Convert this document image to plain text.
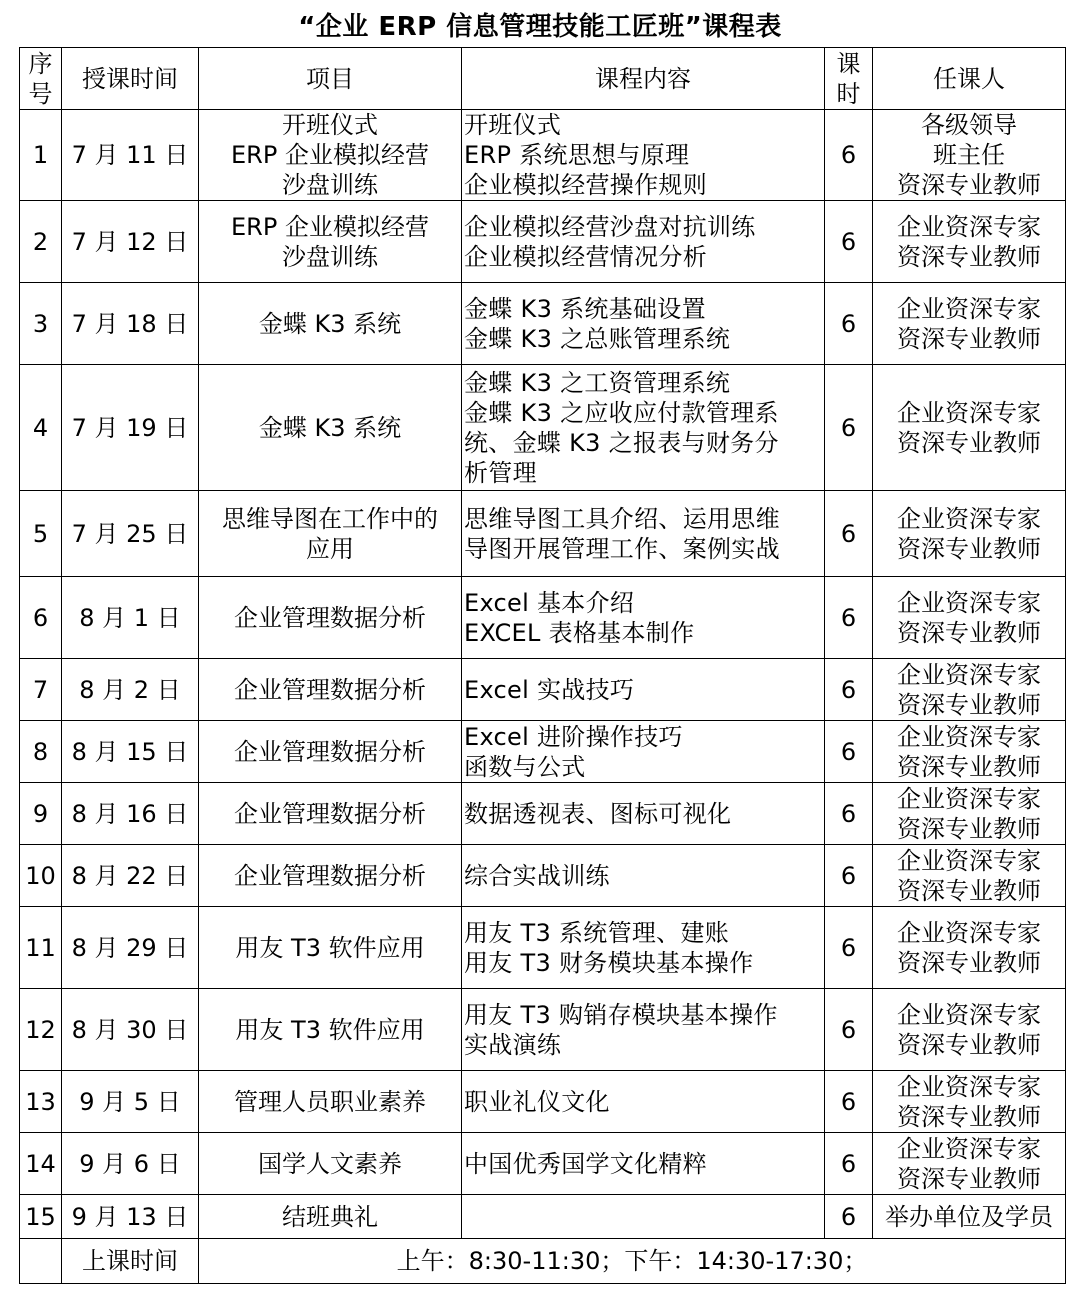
“企业 ERP 信息管理技能工匠班”课程表
序
号	授课时间	项目	课程内容	课
时	任课人
1	7 月 11 日	开班仪式
ERP 企业模拟经营
沙盘训练	开班仪式
ERP 系统思想与原理
企业模拟经营操作规则	6	各级领导
班主任
资深专业教师
2	7 月 12 日	ERP 企业模拟经营
沙盘训练	企业模拟经营沙盘对抗训练
企业模拟经营情况分析	6	企业资深专家
资深专业教师
3	7 月 18 日	金蝶 K3 系统	金蝶 K3 系统基础设置
金蝶 K3 之总账管理系统	6	企业资深专家
资深专业教师
4	7 月 19 日	金蝶 K3 系统	金蝶 K3 之工资管理系统
金蝶 K3 之应收应付款管理系
统、金蝶 K3 之报表与财务分
析管理	6	企业资深专家
资深专业教师
5	7 月 25 日	思维导图在工作中的
应用	思维导图工具介绍、运用思维
导图开展管理工作、案例实战	6	企业资深专家
资深专业教师
6	8 月 1 日	企业管理数据分析	Excel 基本介绍
EXCEL 表格基本制作	6	企业资深专家
资深专业教师
7	8 月 2 日	企业管理数据分析	Excel 实战技巧	6	企业资深专家
资深专业教师
8	8 月 15 日	企业管理数据分析	Excel 进阶操作技巧
函数与公式	6	企业资深专家
资深专业教师
9	8 月 16 日	企业管理数据分析	数据透视表、图标可视化	6	企业资深专家
资深专业教师
10	8 月 22 日	企业管理数据分析	综合实战训练	6	企业资深专家
资深专业教师
11	8 月 29 日	用友 T3 软件应用	用友 T3 系统管理、建账
用友 T3 财务模块基本操作	6	企业资深专家
资深专业教师
12	8 月 30 日	用友 T3 软件应用	用友 T3 购销存模块基本操作
实战演练	6	企业资深专家
资深专业教师
13	9 月 5 日	管理人员职业素养	职业礼仪文化	6	企业资深专家
资深专业教师
14	9 月 6 日	国学人文素养	中国优秀国学文化精粹	6	企业资深专家
资深专业教师
15	9 月 13 日	结班典礼		6	举办单位及学员
	上课时间	上午：8:30-11:30；下午：14:30-17:30；			
